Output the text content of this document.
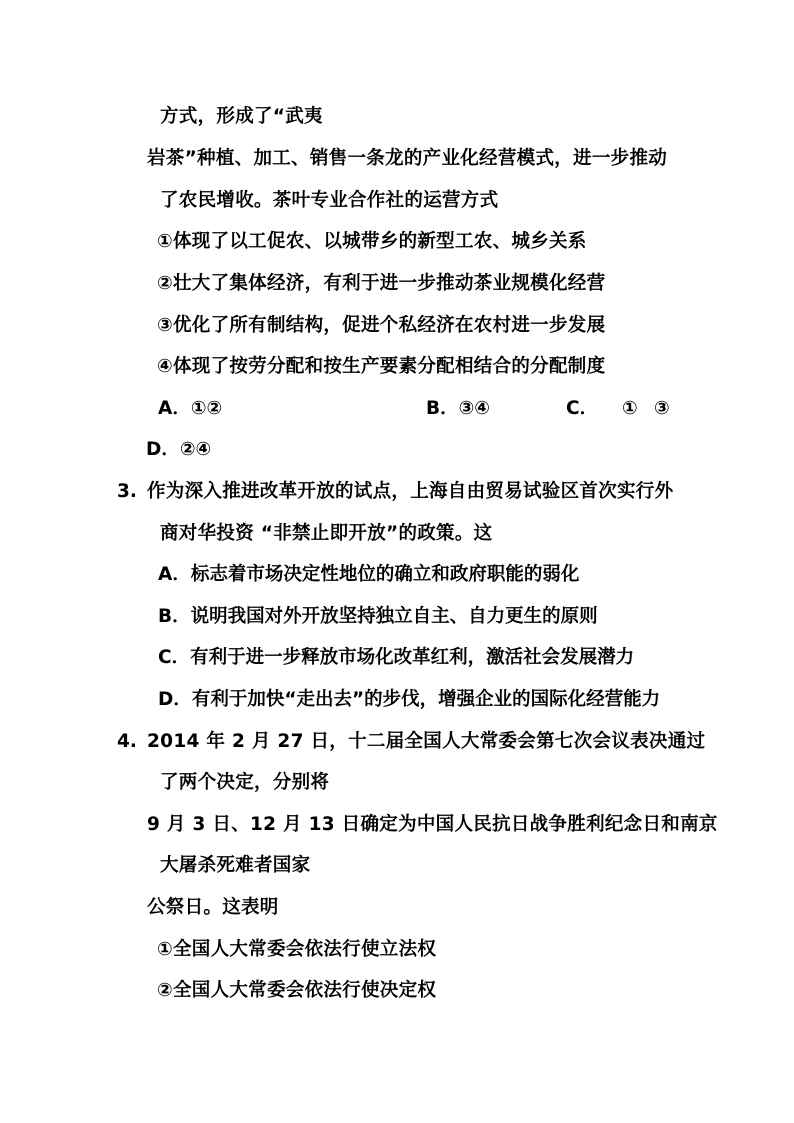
方式，形成了“武夷
岩茶”种植、加工、销售一条龙的产业化经营模式，进一步推动
了农民增收。茶叶专业合作社的运营方式
①体现了以工促农、以城带乡的新型工农、城乡关系
②壮大了集体经济，有利于进一步推动茶业规模化经营
③优化了所有制结构，促进个私经济在农村进一步发展
④体现了按劳分配和按生产要素分配相结合的分配制度
A．①②	B．③④	C． ① ③
D．②④
3. 作为深入推进改革开放的试点，上海自由贸易试验区首次实行外
商对华投资 “非禁止即开放”的政策。这
A．标志着市场决定性地位的确立和政府职能的弱化
B．说明我国对外开放坚持独立自主、自力更生的原则
C．有利于进一步释放市场化改革红利，激活社会发展潜力
D．有利于加快“走出去”的步伐，增强企业的国际化经营能力
4. 2014 年 2 月 27 日，十二届全国人大常委会第七次会议表决通过
了两个决定，分别将
9 月 3 日、12 月 13 日确定为中国人民抗日战争胜利纪念日和南京
大屠杀死难者国家
公祭日。这表明
①全国人大常委会依法行使立法权
②全国人大常委会依法行使决定权
